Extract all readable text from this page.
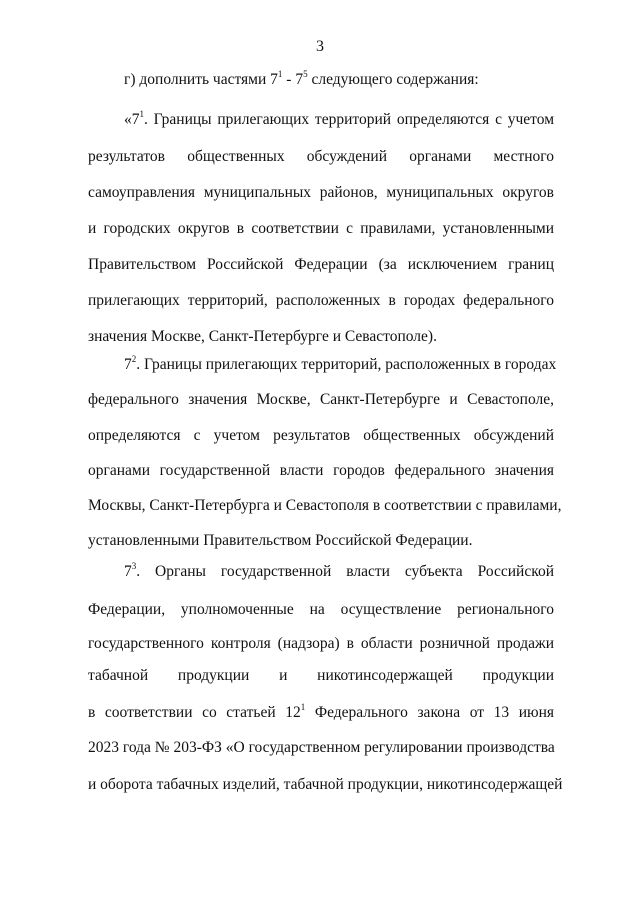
3
г) дополнить частями $7^1 - 7^5$ следующего содержания:
«$7^1$. Границы прилегающих территорий определяются с учетом
результатов общественных обсуждений органами местного
самоуправления муниципальных районов, муниципальных округов
и городских округов в соответствии с правилами, установленными
Правительством Российской Федерации (за исключением границ
прилегающих территорий, расположенных в городах федерального
значения Москве, Санкт-Петербурге и Севастополе).
$7^2$. Границы прилегающих территорий, расположенных в городах
федерального значения Москве, Санкт-Петербурге и Севастополе,
определяются с учетом результатов общественных обсуждений
органами государственной власти городов федерального значения
Москвы, Санкт-Петербурга и Севастополя в соответствии с правилами,
установленными Правительством Российской Федерации.
$7^3$. Органы государственной власти субъекта Российской
Федерации, уполномоченные на осуществление регионального
государственного контроля (надзора) в области розничной продажи
табачной продукции и никотинсодержащей продукции
в соответствии со статьей $12^1$ Федерального закона от 13 июня
2023 года № 203-ФЗ «О государственном регулировании производства
и оборота табачных изделий, табачной продукции, никотинсодержащей
